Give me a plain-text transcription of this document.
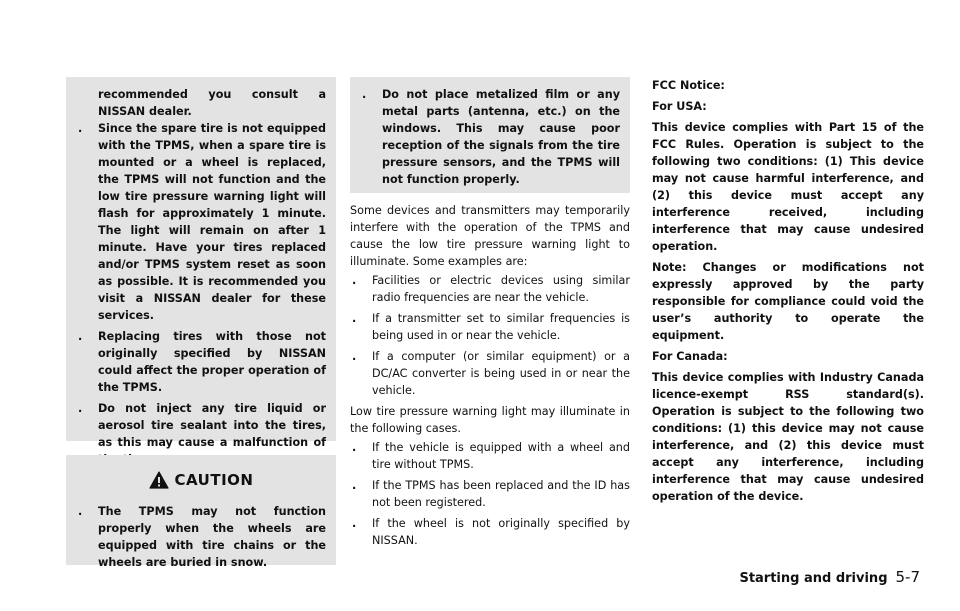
recommended you consult a NISSAN dealer.
.	Since the spare tire is not equipped with the TPMS, when a spare tire is mounted or a wheel is replaced, the TPMS will not function and the low tire pressure warning light will flash for approximately 1 minute. The light will remain on after 1 minute. Have your tires replaced and/or TPMS system reset as soon as possible. It is recommended you visit a NISSAN dealer for these services.
.	Replacing tires with those not originally specified by NISSAN could affect the proper operation of the TPMS.
.	Do not inject any tire liquid or aerosol tire sealant into the tires, as this may cause a malfunction of
CAUTION
.	The TPMS may not function properly when the wheels are equipped with tire chains or the wheels are buried in snow.
.	Do not place metalized film or any metal parts (antenna, etc.) on the windows. This may cause poor reception of the signals from the tire pressure sensors, and the TPMS will not function properly.

Some devices and transmitters may temporarily interfere with the operation of the TPMS and cause the low tire pressure warning light to illuminate. Some examples are:

.	Facilities or electric devices using similar radio frequencies are near the vehicle.
.	If a transmitter set to similar frequencies is being used in or near the vehicle.
.	If a computer (or similar equipment) or a DC/AC converter is being used in or near the vehicle.

Low tire pressure warning light may illuminate in the following cases.

.	If the vehicle is equipped with a wheel and tire without TPMS.
.	If the TPMS has been replaced and the ID has not been registered.
.	If the wheel is not originally specified by NISSAN.

FCC Notice:

For USA:

This device complies with Part 15 of the FCC Rules. Operation is subject to the following two conditions: (1) This device may not cause harmful interference, and (2) this device must accept any interference received, including interference that may cause undesired operation.

Note: Changes or modifications not expressly approved by the party responsible for compliance could void the user’s authority to operate the equipment.

For Canada:

This device complies with Industry Canada licence-exempt RSS standard(s). Operation is subject to the following two conditions: (1) this device may not cause interference, and (2) this device must accept any interference, including interference that may cause undesired operation of the device.

Starting and driving 5-7
